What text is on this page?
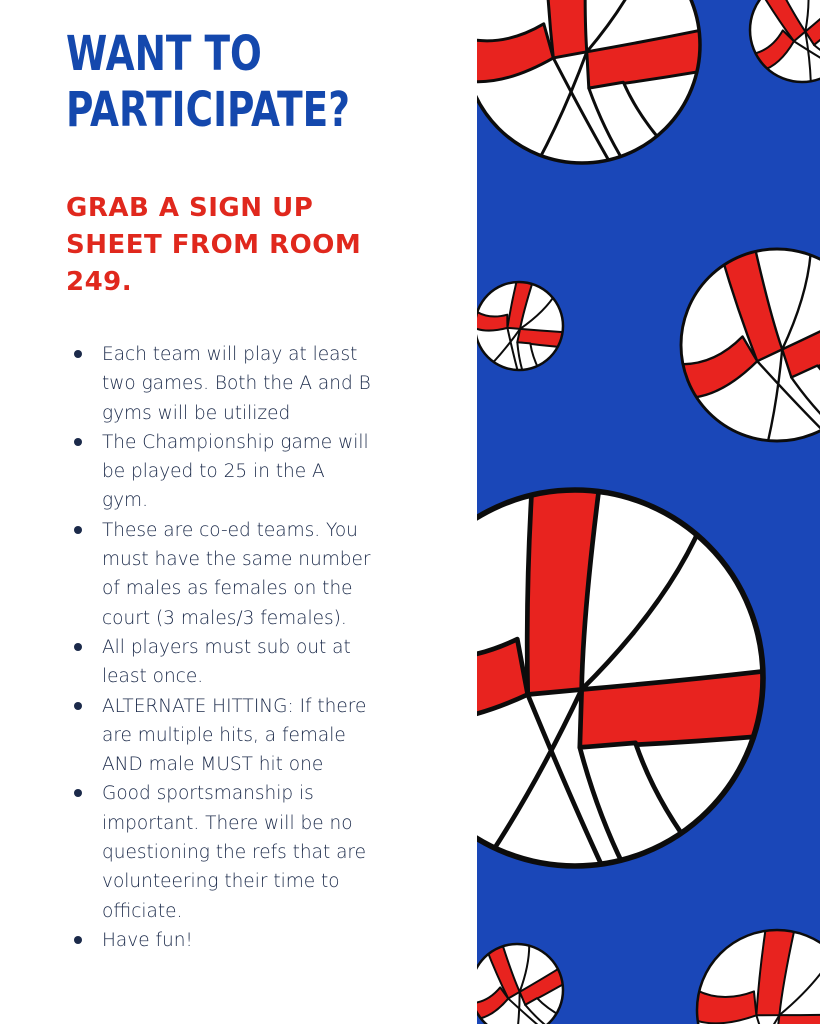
WANT TO
PARTICIPATE?
GRAB A SIGN UP
SHEET FROM ROOM
249.
Each team will play at least
two games. Both the A and B
gyms will be utilized
The Championship game will
be played to 25 in the A
gym.
These are co-ed teams. You
must have the same number
of males as females on the
court (3 males/3 females).
All players must sub out at
least once.
ALTERNATE HITTING: If there
are multiple hits, a female
AND male MUST hit one
Good sportsmanship is
important. There will be no
questioning the refs that are
volunteering their time to
officiate.
Have fun!
